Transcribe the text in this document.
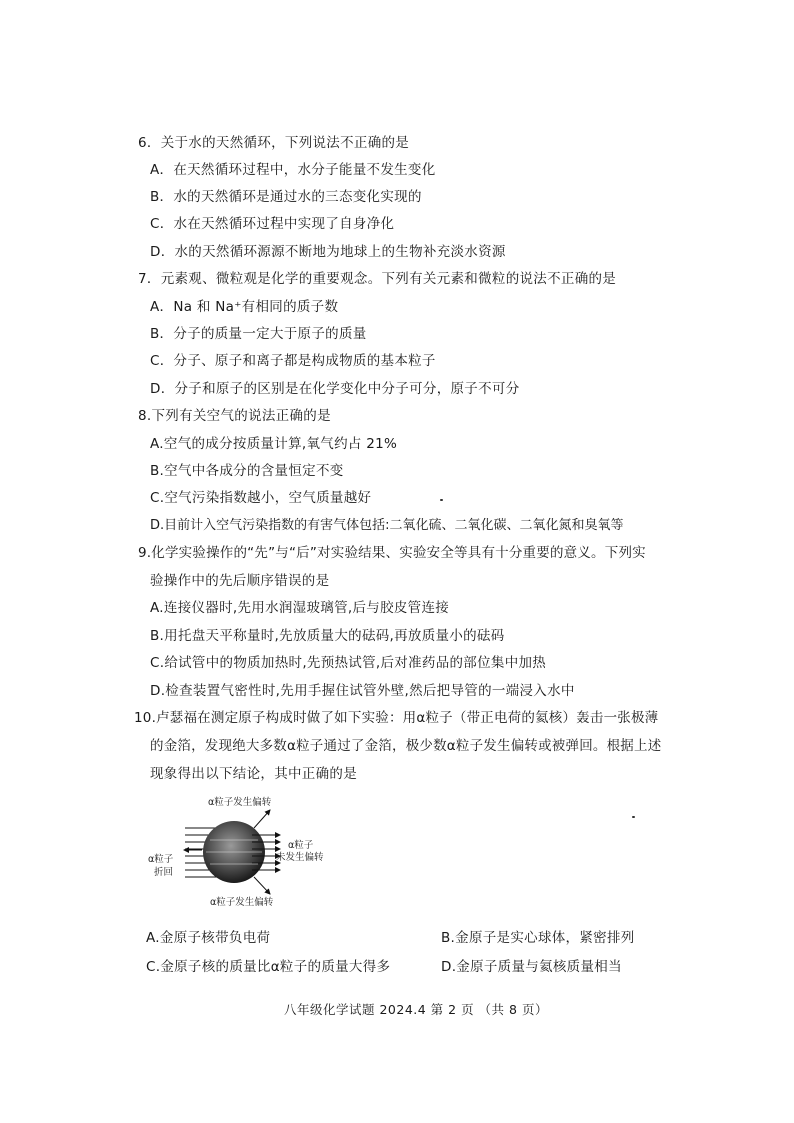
6．关于水的天然循环，下列说法不正确的是
A．在天然循环过程中，水分子能量不发生变化
B．水的天然循环是通过水的三态变化实现的
C．水在天然循环过程中实现了自身净化
D．水的天然循环源源不断地为地球上的生物补充淡水资源
7．元素观、微粒观是化学的重要观念。下列有关元素和微粒的说法不正确的是
A．Na 和 Na⁺有相同的质子数
B．分子的质量一定大于原子的质量
C．分子、原子和离子都是构成物质的基本粒子
D．分子和原子的区别是在化学变化中分子可分，原子不可分
8.下列有关空气的说法正确的是
A.空气的成分按质量计算,氧气约占 21%
B.空气中各成分的含量恒定不变
C.空气污染指数越小，空气质量越好
D.目前计入空气污染指数的有害气体包括:二氧化硫、二氧化碳、二氧化氮和臭氧等
9.化学实验操作的“先”与“后”对实验结果、实验安全等具有十分重要的意义。下列实
验操作中的先后顺序错误的是
A.连接仪器时,先用水润湿玻璃管,后与胶皮管连接
B.用托盘天平称量时,先放质量大的砝码,再放质量小的砝码
C.给试管中的物质加热时,先预热试管,后对准药品的部位集中加热
D.检查装置气密性时,先用手握住试管外壁,然后把导管的一端浸入水中
10.卢瑟福在测定原子构成时做了如下实验：用α粒子（带正电荷的氦核）轰击一张极薄
的金箔，发现绝大多数α粒子通过了金箔，极少数α粒子发生偏转或被弹回。根据上述
现象得出以下结论，其中正确的是
α粒子发生偏转
α粒子发生偏转
α粒子
未发生偏转
α粒子
折回
A.金原子核带负电荷	B.金原子是实心球体，紧密排列
C.金原子核的质量比α粒子的质量大得多	D.金原子质量与氦核质量相当
八年级化学试题 2024.4 第 2 页 （共 8 页）
